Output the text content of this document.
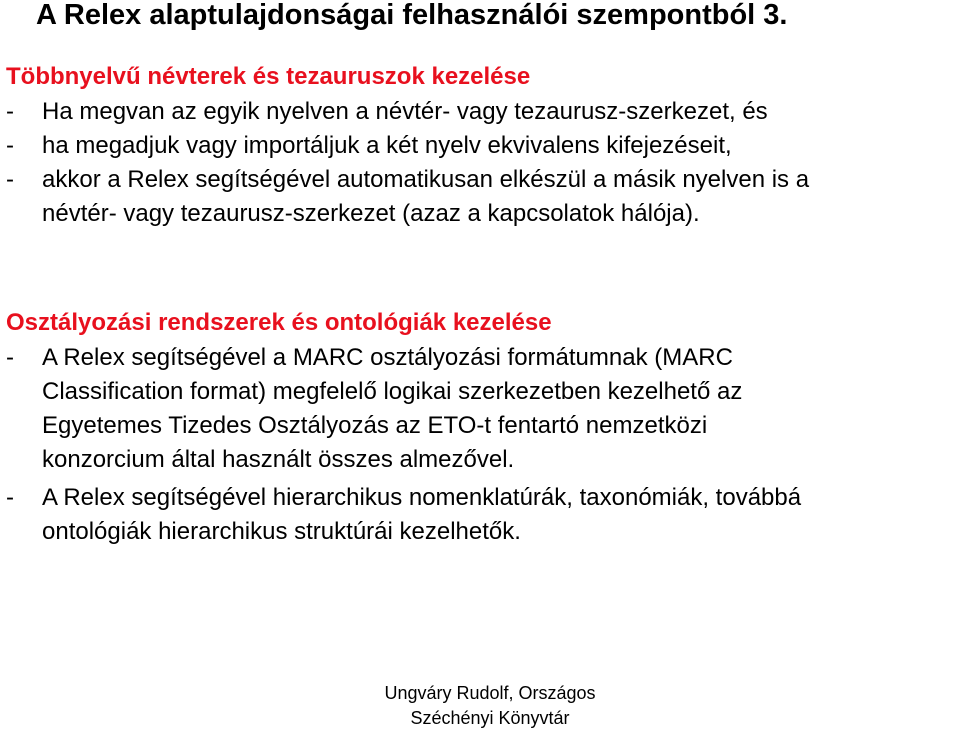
A Relex alaptulajdonságai felhasználói szempontból 3.
Többnyelvű névterek és tezauruszok kezelése
- Ha megvan az egyik nyelven a névtér- vagy tezaurusz-szerkezet, és
- ha megadjuk vagy importáljuk a két nyelv ekvivalens kifejezéseit,
- akkor a Relex segítségével automatikusan elkészül a másik nyelven is a
névtér- vagy tezaurusz-szerkezet (azaz a kapcsolatok hálója).
Osztályozási rendszerek és ontológiák kezelése
- A Relex segítségével a MARC osztályozási formátumnak (MARC
Classification format) megfelelő logikai szerkezetben kezelhető az
Egyetemes Tizedes Osztályozás az ETO-t fentartó nemzetközi
konzorcium által használt összes almezővel.
- A Relex segítségével hierarchikus nomenklatúrák, taxonómiák, továbbá
ontológiák hierarchikus struktúrái kezelhetők.
Ungváry Rudolf, Országos
Széchényi Könyvtár
